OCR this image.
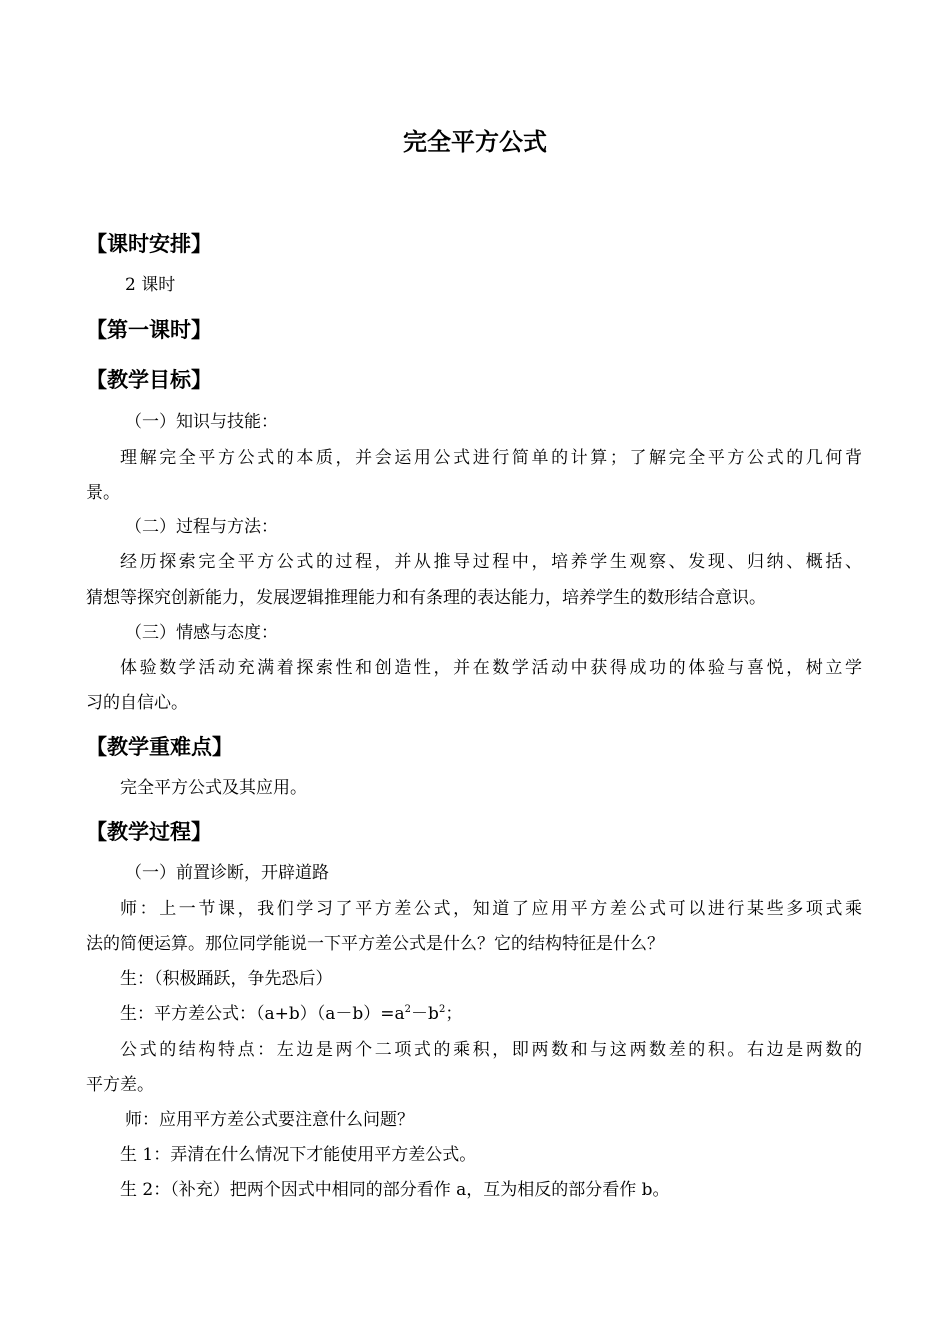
完全平方公式
【课时安排】
2 课时
【第一课时】
【教学目标】
（一）知识与技能：
理解完全平方公式的本质，并会运用公式进行简单的计算；了解完全平方公式的几何背
景。
（二）过程与方法：
经历探索完全平方公式的过程，并从推导过程中，培养学生观察、发现、归纳、概括、
猜想等探究创新能力，发展逻辑推理能力和有条理的表达能力，培养学生的数形结合意识。
（三）情感与态度：
体验数学活动充满着探索性和创造性，并在数学活动中获得成功的体验与喜悦，树立学
习的自信心。
【教学重难点】
完全平方公式及其应用。
【教学过程】
（一）前置诊断，开辟道路
师：上一节课，我们学习了平方差公式，知道了应用平方差公式可以进行某些多项式乘
法的简便运算。那位同学能说一下平方差公式是什么？它的结构特征是什么？
生：（积极踊跃，争先恐后）
生：平方差公式：$(a+b)(a-b)=a^2-b^2$；
公式的结构特点：左边是两个二项式的乘积，即两数和与这两数差的积。右边是两数的
平方差。
师：应用平方差公式要注意什么问题？
生 1：弄清在什么情况下才能使用平方差公式。
生 2：（补充）把两个因式中相同的部分看作 a，互为相反的部分看作 b。
